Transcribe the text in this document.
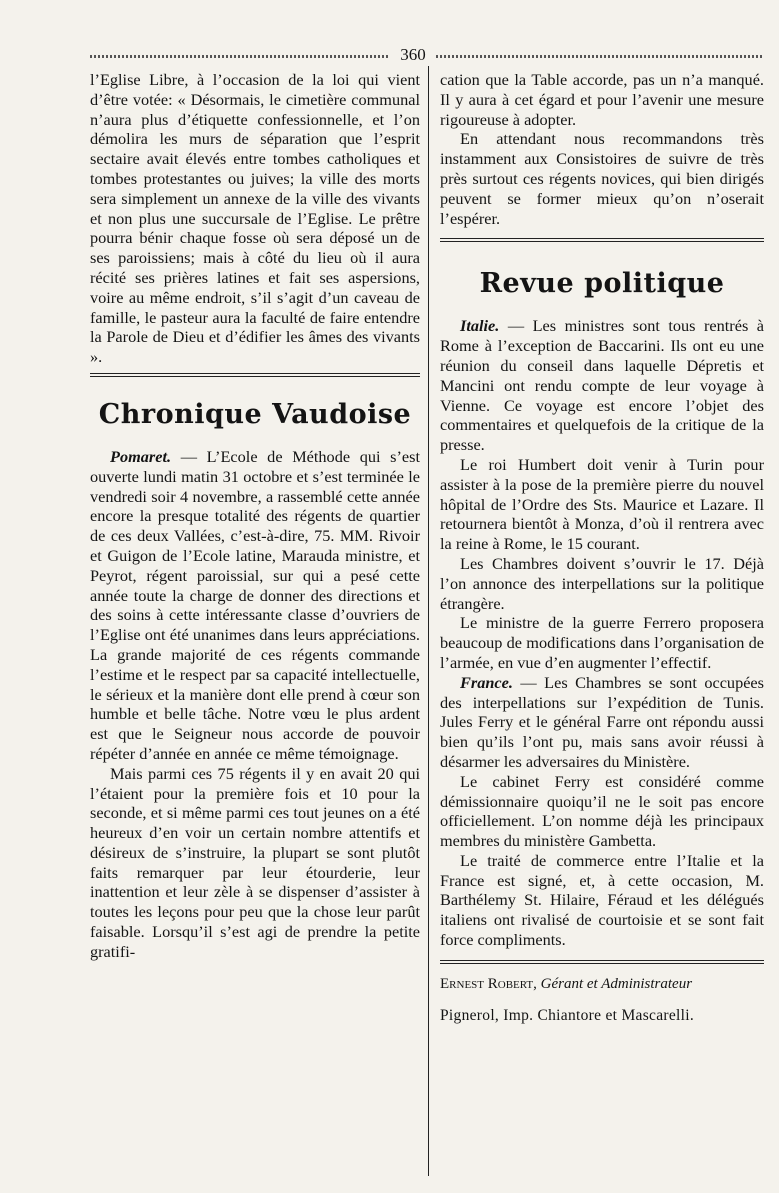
360

l’Eglise Libre, à l’occasion de la loi qui vient d’être votée: « Désormais, le cimetière communal n’aura plus d’étiquette confessionnelle, et l’on démolira les murs de séparation que l’esprit sectaire avait élevés entre tombes catholiques et tombes protestantes ou juives; la ville des morts sera simplement un annexe de la ville des vivants et non plus une succursale de l’Eglise. Le prêtre pourra bénir chaque fosse où sera déposé un de ses paroissiens; mais à côté du lieu où il aura récité ses prières latines et fait ses aspersions, voire au même endroit, s’il s’agit d’un caveau de famille, le pasteur aura la faculté de faire entendre la Parole de Dieu et d’édifier les âmes des vivants ».

Chronique Vaudoise

Pomaret. — L’Ecole de Méthode qui s’est ouverte lundi matin 31 octobre et s’est terminée le vendredi soir 4 novembre, a rassemblé cette année encore la presque totalité des régents de quartier de ces deux Vallées, c’est-à-dire, 75. MM. Rivoir et Guigon de l’Ecole latine, Marauda ministre, et Peyrot, régent paroissial, sur qui a pesé cette année toute la charge de donner des directions et des soins à cette intéressante classe d’ouvriers de l’Eglise ont été unanimes dans leurs appréciations. La grande majorité de ces régents commande l’estime et le respect par sa capacité intellectuelle, le sérieux et la manière dont elle prend à cœur son humble et belle tâche. Notre vœu le plus ardent est que le Seigneur nous accorde de pouvoir répéter d’année en année ce même témoignage.

Mais parmi ces 75 régents il y en avait 20 qui l’étaient pour la première fois et 10 pour la seconde, et si même parmi ces tout jeunes on a été heureux d’en voir un certain nombre attentifs et désireux de s’instruire, la plupart se sont plutôt faits remarquer par leur étourderie, leur inattention et leur zèle à se dispenser d’assister à toutes les leçons pour peu que la chose leur parût faisable. Lorsqu’il s’est agi de prendre la petite gratifi-

cation que la Table accorde, pas un n’a manqué. Il y aura à cet égard et pour l’avenir une mesure rigoureuse à adopter.

En attendant nous recommandons très instamment aux Consistoires de suivre de très près surtout ces régents novices, qui bien dirigés peuvent se former mieux qu’on n’oserait l’espérer.

Revue politique

Italie. — Les ministres sont tous rentrés à Rome à l’exception de Baccarini. Ils ont eu une réunion du conseil dans laquelle Dépretis et Mancini ont rendu compte de leur voyage à Vienne. Ce voyage est encore l’objet des commentaires et quelquefois de la critique de la presse.

Le roi Humbert doit venir à Turin pour assister à la pose de la première pierre du nouvel hôpital de l’Ordre des Sts. Maurice et Lazare. Il retournera bientôt à Monza, d’où il rentrera avec la reine à Rome, le 15 courant.

Les Chambres doivent s’ouvrir le 17. Déjà l’on annonce des interpellations sur la politique étrangère.

Le ministre de la guerre Ferrero proposera beaucoup de modifications dans l’organisation de l’armée, en vue d’en augmenter l’effectif.

France. — Les Chambres se sont occupées des interpellations sur l’expédition de Tunis. Jules Ferry et le général Farre ont répondu aussi bien qu’ils l’ont pu, mais sans avoir réussi à désarmer les adversaires du Ministère.

Le cabinet Ferry est considéré comme démissionnaire quoiqu’il ne le soit pas encore officiellement. L’on nomme déjà les principaux membres du ministère Gambetta.

Le traité de commerce entre l’Italie et la France est signé, et, à cette occasion, M. Barthélemy St. Hilaire, Féraud et les délégués italiens ont rivalisé de courtoisie et se sont fait force compliments.

Ernest Robert, Gérant et Administrateur

Pignerol, Imp. Chiantore et Mascarelli.
